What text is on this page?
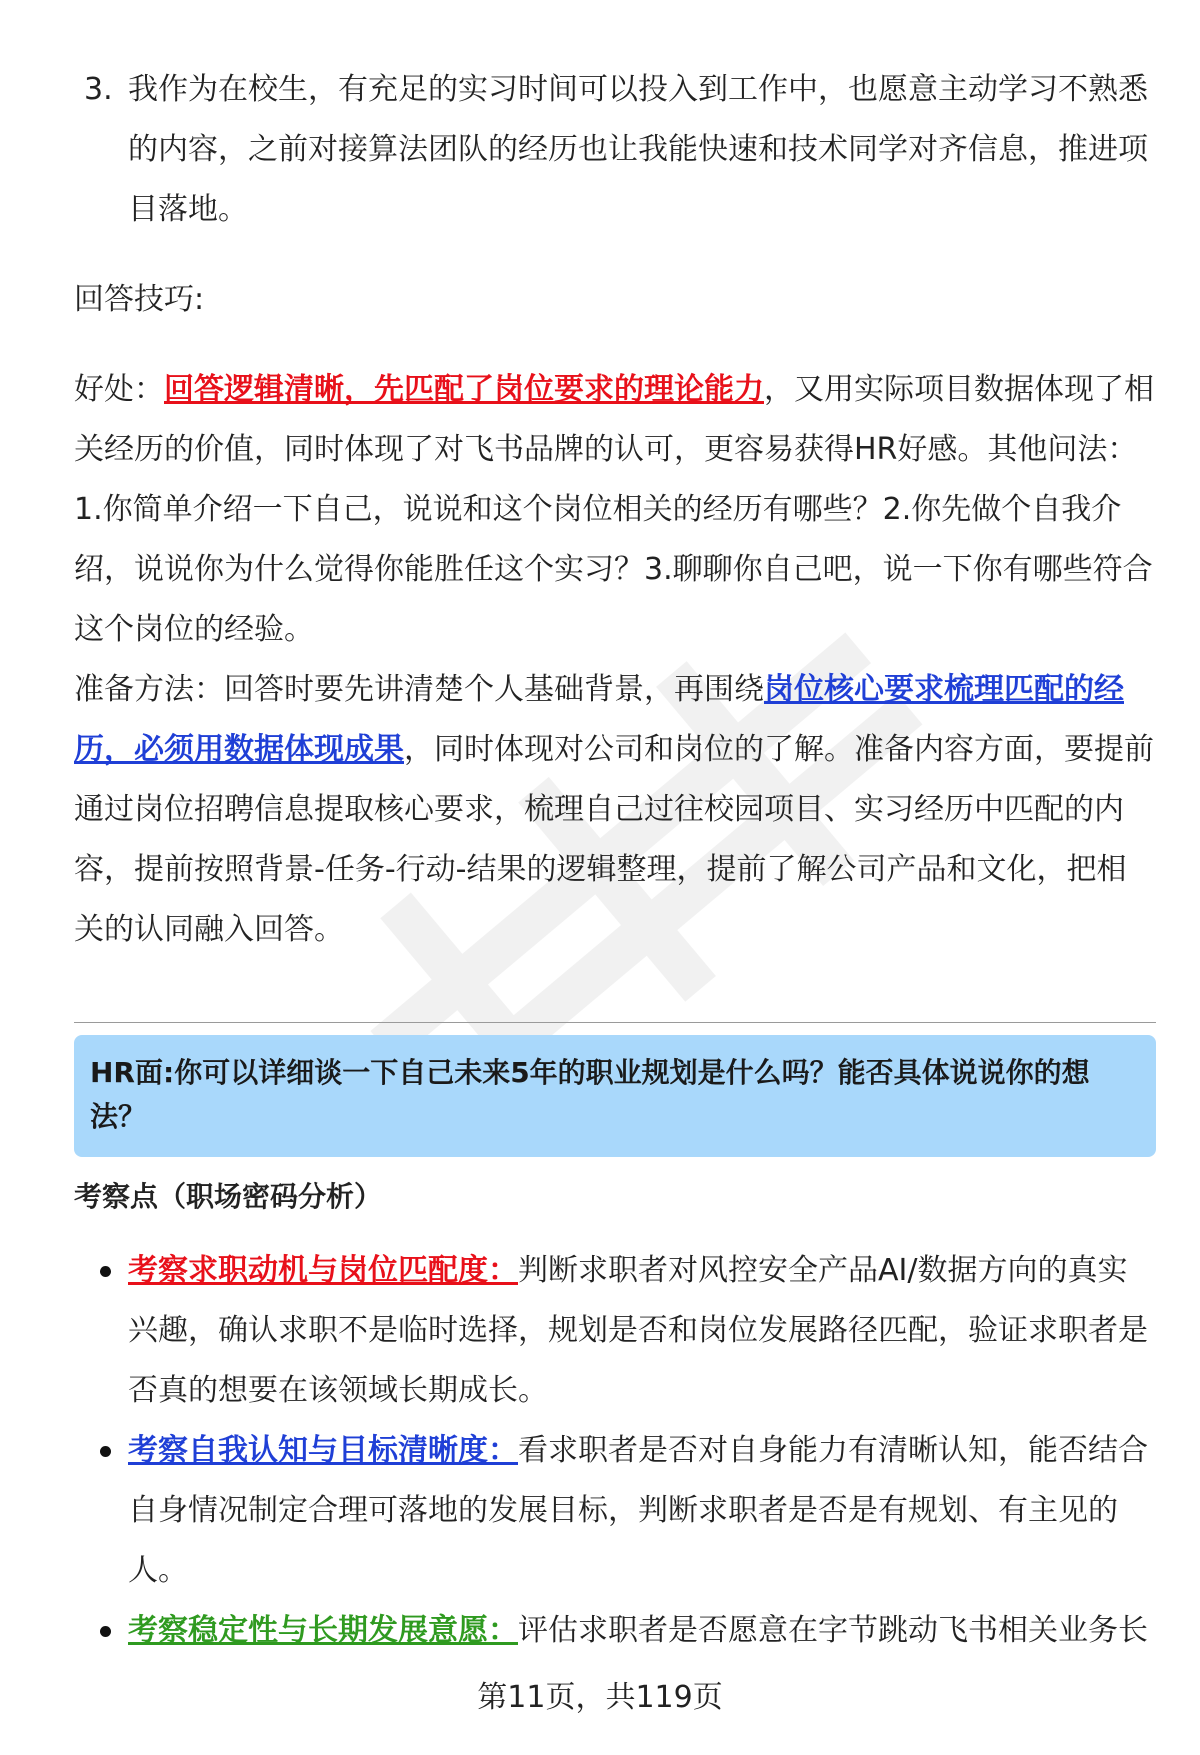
3. 我作为在校生，有充足的实习时间可以投入到工作中，也愿意主动学习不熟悉的内容，之前对接算法团队的经历也让我能快速和技术同学对齐信息，推进项目落地。

回答技巧:

好处：回答逻辑清晰，先匹配了岗位要求的理论能力，又用实际项目数据体现了相关经历的价值，同时体现了对飞书品牌的认可，更容易获得HR好感。其他问法：1.你简单介绍一下自己，说说和这个岗位相关的经历有哪些？2.你先做个自我介绍，说说你为什么觉得你能胜任这个实习？3.聊聊你自己吧，说一下你有哪些符合这个岗位的经验。

准备方法：回答时要先讲清楚个人基础背景，再围绕岗位核心要求梳理匹配的经历，必须用数据体现成果，同时体现对公司和岗位的了解。准备内容方面，要提前通过岗位招聘信息提取核心要求，梳理自己过往校园项目、实习经历中匹配的内容，提前按照背景-任务-行动-结果的逻辑整理，提前了解公司产品和文化，把相关的认同融入回答。

HR面:你可以详细谈一下自己未来5年的职业规划是什么吗？能否具体说说你的想法？
考察点（职场密码分析）

考察求职动机与岗位匹配度：判断求职者对风控安全产品AI/数据方向的真实兴趣，确认求职不是临时选择，规划是否和岗位发展路径匹配，验证求职者是否真的想要在该领域长期成长。

考察自我认知与目标清晰度：看求职者是否对自身能力有清晰认知，能否结合自身情况制定合理可落地的发展目标，判断求职者是否是有规划、有主见的人。

考察稳定性与长期发展意愿：评估求职者是否愿意在字节跳动飞书相关业务长

第11页，共119页
